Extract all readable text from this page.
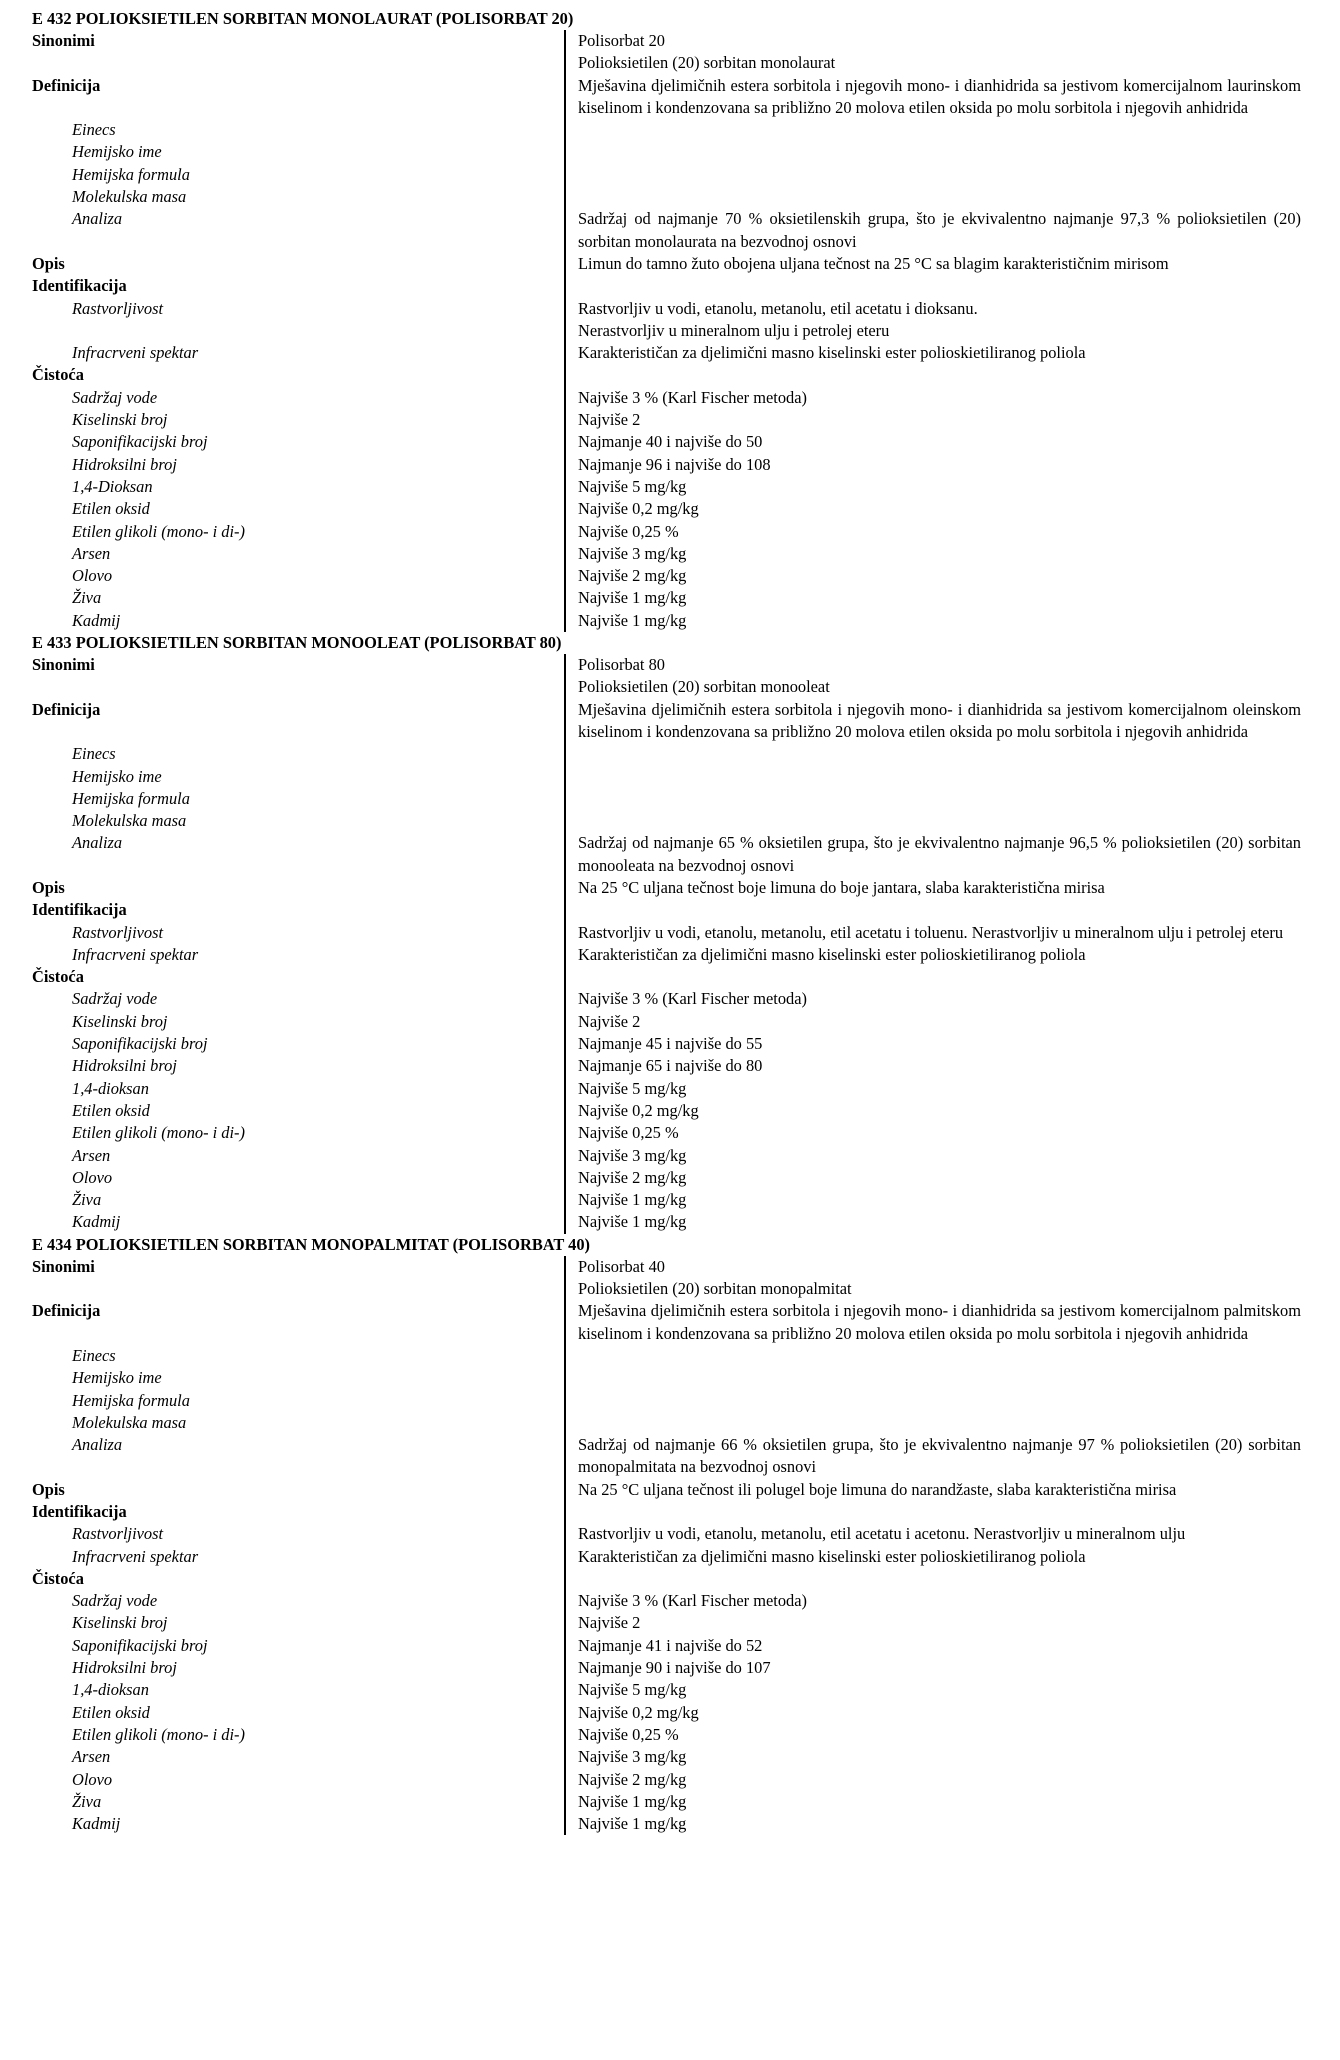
E 432 POLIOKSIETILEN SORBITAN MONOLAURAT (POLISORBAT 20)
Sinonimi	Polisorbat 20
Polioksietilen (20) sorbitan monolaurat
Definicija	Mješavina djelimičnih estera sorbitola i njegovih mono- i dianhidrida sa jestivom komercijalnom laurinskom kiselinom i kondenzovana sa približno 20 molova etilen oksida po molu sorbitola i njegovih anhidrida
Einecs

Hemijsko ime

Hemijska formula

Molekulska masa

Analiza	Sadržaj od najmanje 70 % oksietilenskih grupa, što je ekvivalentno najmanje 97,3 % polioksietilen (20) sorbitan monolaurata na bezvodnoj osnovi
Opis	Limun do tamno žuto obojena uljana tečnost na 25 °C sa blagim karakterističnim mirisom
Identifikacija

Rastvorljivost	Rastvorljiv u vodi, etanolu, metanolu, etil acetatu i dioksanu.
Nerastvorljiv u mineralnom ulju i petrolej eteru
Infracrveni spektar	Karakterističan za djelimični masno kiselinski ester polioskietiliranog poliola
Čistoća

Sadržaj vode	Najviše 3 % (Karl Fischer metoda)
Kiselinski broj	Najviše 2
Saponifikacijski broj	Najmanje 40 i najviše do 50
Hidroksilni broj	Najmanje 96 i najviše do 108
1,4-Dioksan	Najviše 5 mg/kg
Etilen oksid	Najviše 0,2 mg/kg
Etilen glikoli (mono- i di-)	Najviše 0,25 %
Arsen	Najviše 3 mg/kg
Olovo	Najviše 2 mg/kg
Živa	Najviše 1 mg/kg
Kadmij	Najviše 1 mg/kg
E 433 POLIOKSIETILEN SORBITAN MONOOLEAT (POLISORBAT 80)
Sinonimi	Polisorbat 80
Polioksietilen (20) sorbitan monooleat
Definicija	Mješavina djelimičnih estera sorbitola i njegovih mono- i dianhidrida sa jestivom komercijalnom oleinskom kiselinom i kondenzovana sa približno 20 molova etilen oksida po molu sorbitola i njegovih anhidrida
Einecs

Hemijsko ime

Hemijska formula

Molekulska masa

Analiza	Sadržaj od najmanje 65 % oksietilen grupa, što je ekvivalentno najmanje 96,5 % polioksietilen (20) sorbitan monooleata na bezvodnoj osnovi
Opis	Na 25 °C uljana tečnost boje limuna do boje jantara, slaba karakteristična mirisa
Identifikacija

Rastvorljivost	Rastvorljiv u vodi, etanolu, metanolu, etil acetatu i toluenu. Nerastvorljiv u mineralnom ulju i petrolej eteru
Infracrveni spektar	Karakterističan za djelimični masno kiselinski ester polioskietiliranog poliola
Čistoća

Sadržaj vode	Najviše 3 % (Karl Fischer metoda)
Kiselinski broj	Najviše 2
Saponifikacijski broj	Najmanje 45 i najviše do 55
Hidroksilni broj	Najmanje 65 i najviše do 80
1,4-dioksan	Najviše 5 mg/kg
Etilen oksid	Najviše 0,2 mg/kg
Etilen glikoli (mono- i di-)	Najviše 0,25 %
Arsen	Najviše 3 mg/kg
Olovo	Najviše 2 mg/kg
Živa	Najviše 1 mg/kg
Kadmij	Najviše 1 mg/kg
E 434 POLIOKSIETILEN SORBITAN MONOPALMITAT (POLISORBAT 40)
Sinonimi	Polisorbat 40
Polioksietilen (20) sorbitan monopalmitat
Definicija	Mješavina djelimičnih estera sorbitola i njegovih mono- i dianhidrida sa jestivom komercijalnom palmitskom kiselinom i kondenzovana sa približno 20 molova etilen oksida po molu sorbitola i njegovih anhidrida
Einecs

Hemijsko ime

Hemijska formula

Molekulska masa

Analiza	Sadržaj od najmanje 66 % oksietilen grupa, što je ekvivalentno najmanje 97 % polioksietilen (20) sorbitan monopalmitata na bezvodnoj osnovi
Opis	Na 25 °C uljana tečnost ili polugel boje limuna do narandžaste, slaba karakteristična mirisa
Identifikacija

Rastvorljivost	Rastvorljiv u vodi, etanolu, metanolu, etil acetatu i acetonu. Nerastvorljiv u mineralnom ulju
Infracrveni spektar	Karakterističan za djelimični masno kiselinski ester polioskietiliranog poliola
Čistoća

Sadržaj vode	Najviše 3 % (Karl Fischer metoda)
Kiselinski broj	Najviše 2
Saponifikacijski broj	Najmanje 41 i najviše do 52
Hidroksilni broj	Najmanje 90 i najviše do 107
1,4-dioksan	Najviše 5 mg/kg
Etilen oksid	Najviše 0,2 mg/kg
Etilen glikoli (mono- i di-)	Najviše 0,25 %
Arsen	Najviše 3 mg/kg
Olovo	Najviše 2 mg/kg
Živa	Najviše 1 mg/kg
Kadmij	Najviše 1 mg/kg
